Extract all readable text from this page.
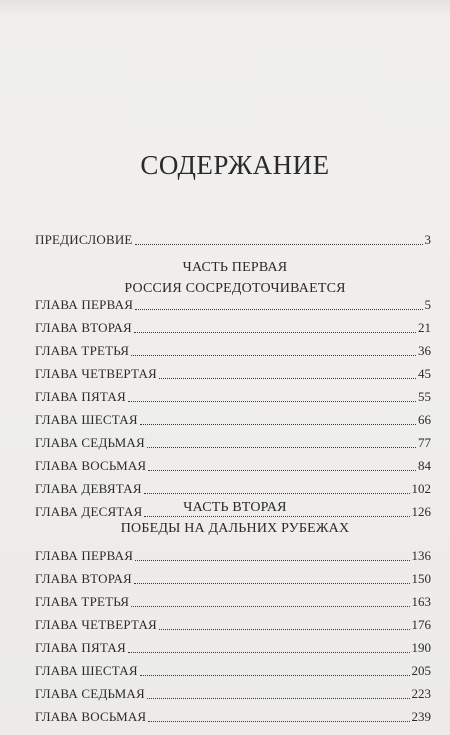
СОДЕРЖАНИЕ
ПРЕДИСЛОВИЕ	3

ЧАСТЬ ПЕРВАЯ

РОССИЯ СОСРЕДОТОЧИВАЕТСЯ

ГЛАВА ПЕРВАЯ	5
ГЛАВА ВТОРАЯ	21
ГЛАВА ТРЕТЬЯ	36
ГЛАВА ЧЕТВЕРТАЯ	45
ГЛАВА ПЯТАЯ	55
ГЛАВА ШЕСТАЯ	66
ГЛАВА СЕДЬМАЯ	77
ГЛАВА ВОСЬМАЯ	84
ГЛАВА ДЕВЯТАЯ	102
ГЛАВА ДЕСЯТАЯ	126

ЧАСТЬ ВТОРАЯ

ПОБЕДЫ НА ДАЛЬНИХ РУБЕЖАХ

ГЛАВА ПЕРВАЯ	136
ГЛАВА ВТОРАЯ	150
ГЛАВА ТРЕТЬЯ	163
ГЛАВА ЧЕТВЕРТАЯ	176
ГЛАВА ПЯТАЯ	190
ГЛАВА ШЕСТАЯ	205
ГЛАВА СЕДЬМАЯ	223
ГЛАВА ВОСЬМАЯ	239
